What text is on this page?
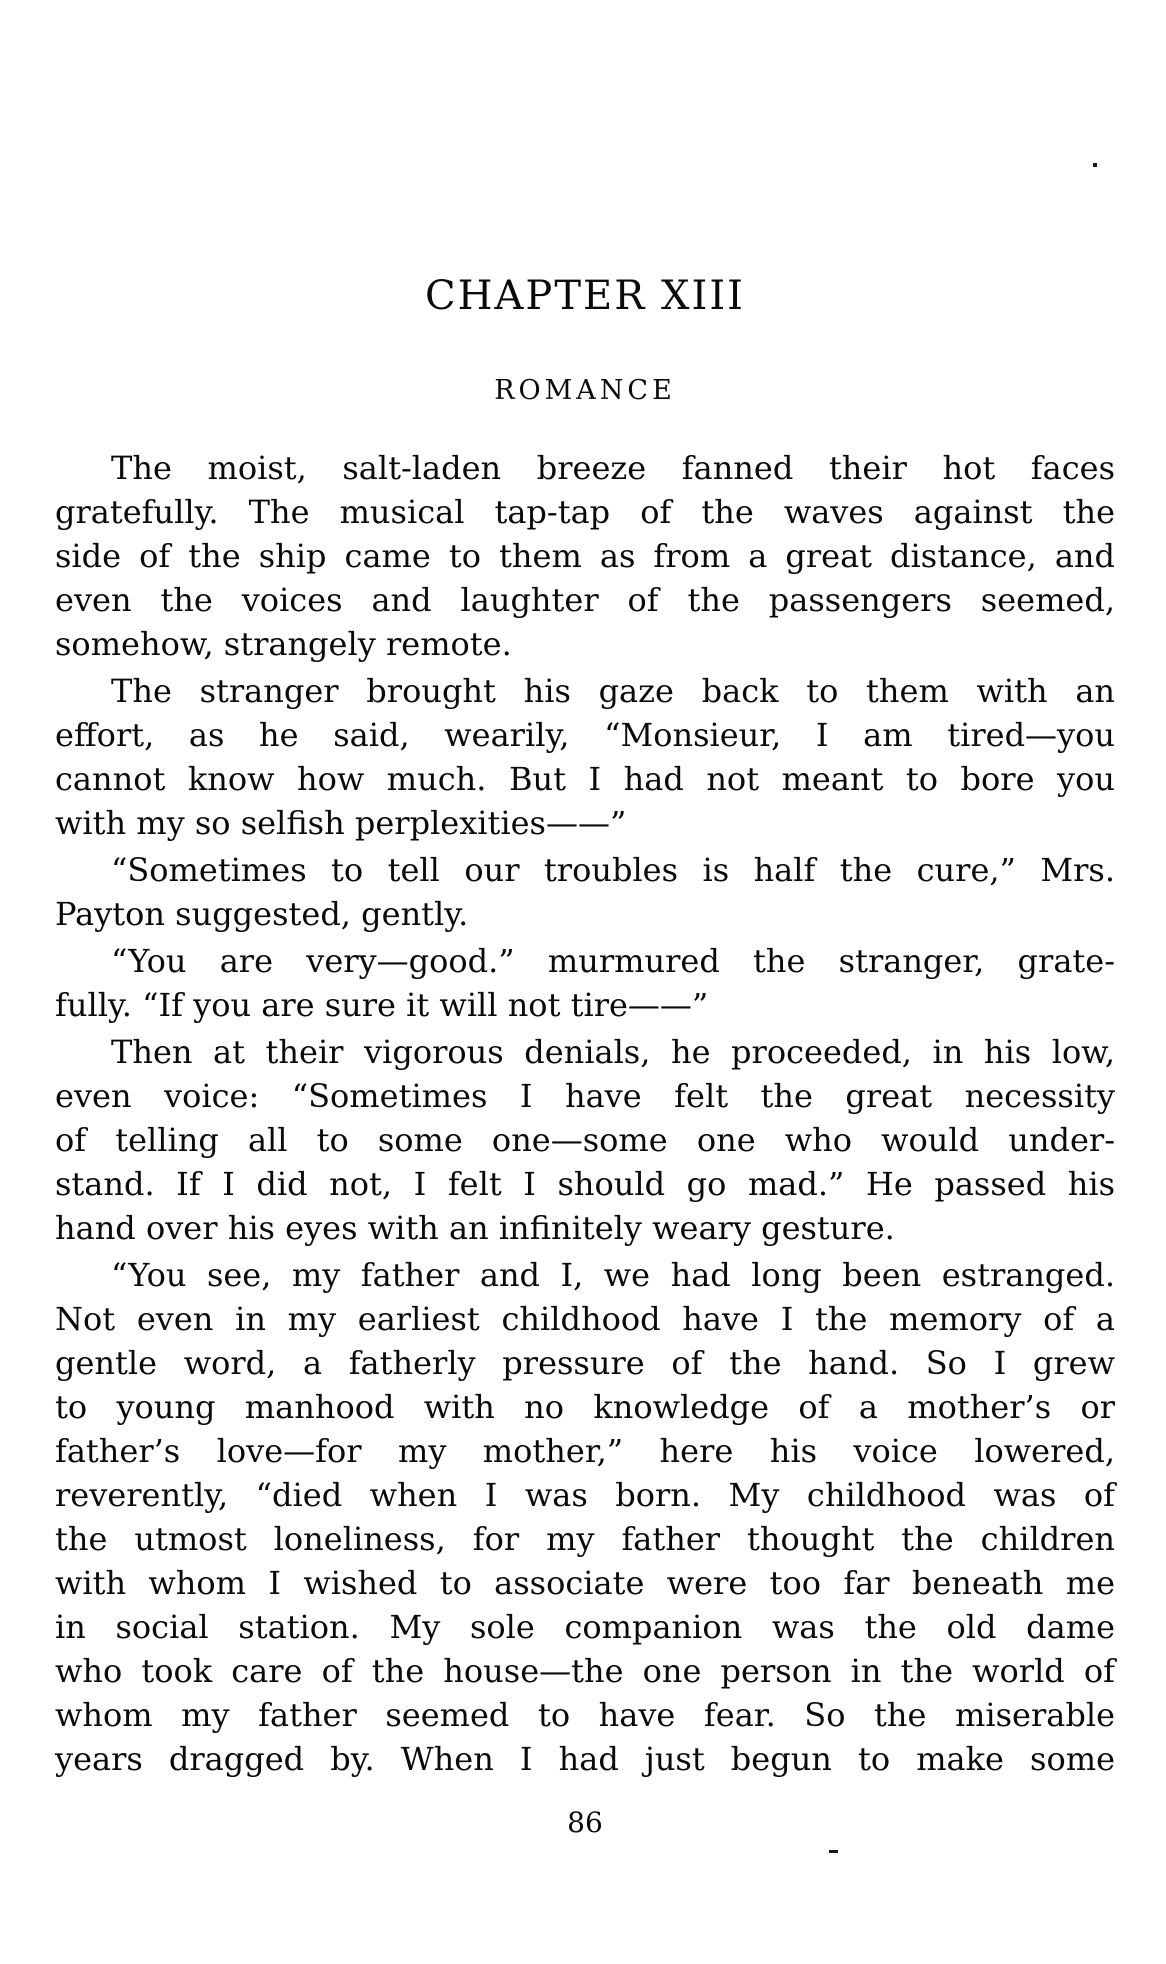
CHAPTER XIII
ROMANCE
The moist, salt-laden breeze fanned their hot faces
gratefully. The musical tap-tap of the waves against the
side of the ship came to them as from a great distance, and
even the voices and laughter of the passengers seemed,
somehow, strangely remote.
The stranger brought his gaze back to them with an
effort, as he said, wearily, “Monsieur, I am tired—you
cannot know how much. But I had not meant to bore you
with my so selfish perplexities——”
“Sometimes to tell our troubles is half the cure,” Mrs.
Payton suggested, gently.
“You are very—good.” murmured the stranger, grate-
fully. “If you are sure it will not tire——”
Then at their vigorous denials, he proceeded, in his low,
even voice: “Sometimes I have felt the great necessity
of telling all to some one—some one who would under-
stand. If I did not, I felt I should go mad.” He passed his
hand over his eyes with an infinitely weary gesture.
“You see, my father and I, we had long been estranged.
Not even in my earliest childhood have I the memory of a
gentle word, a fatherly pressure of the hand. So I grew
to young manhood with no knowledge of a mother’s or
father’s love—for my mother,” here his voice lowered,
reverently, “died when I was born. My childhood was of
the utmost loneliness, for my father thought the children
with whom I wished to associate were too far beneath me
in social station. My sole companion was the old dame
who took care of the house—the one person in the world of
whom my father seemed to have fear. So the miserable
years dragged by. When I had just begun to make some
86
